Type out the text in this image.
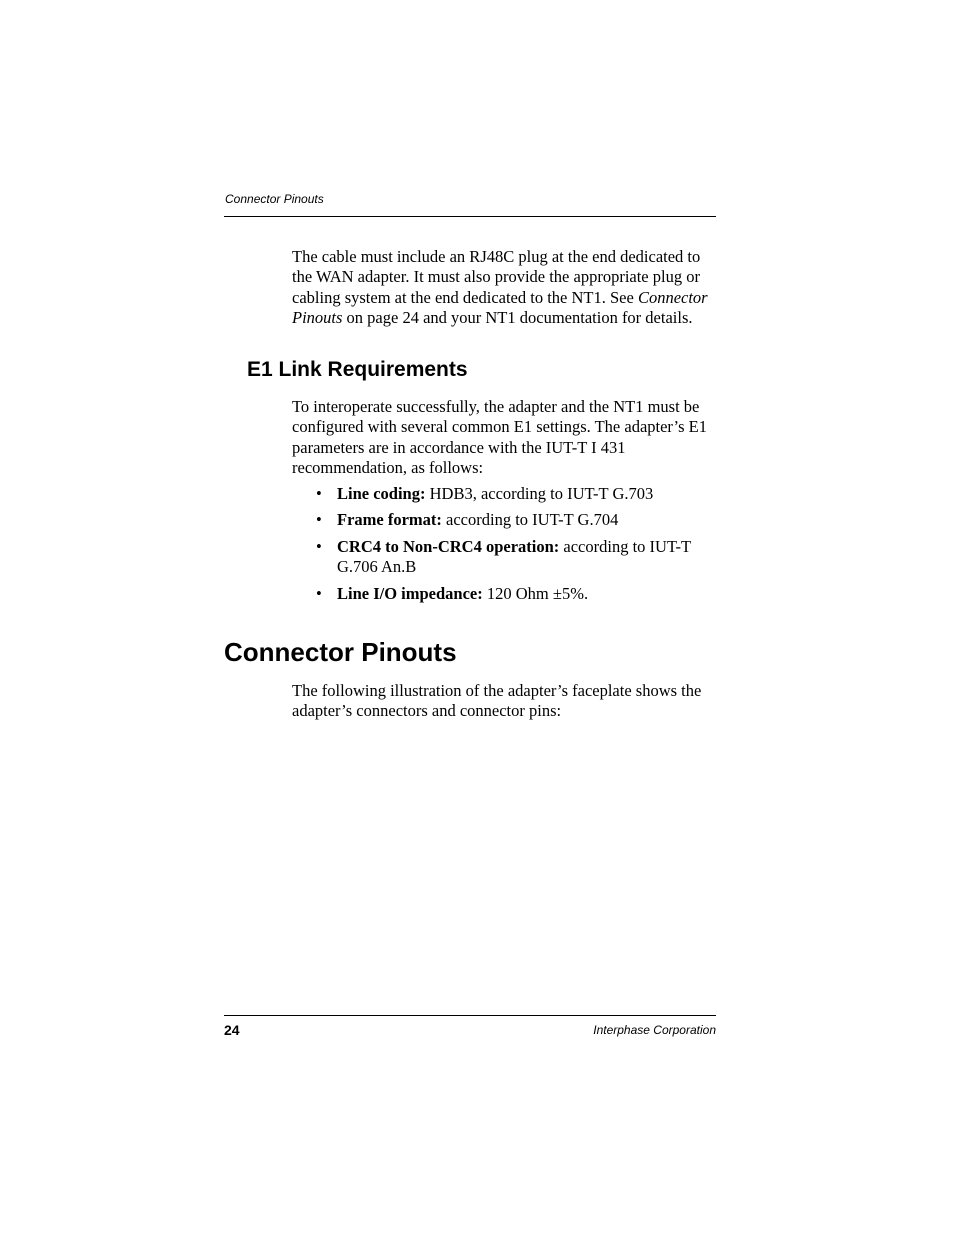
Connector Pinouts

The cable must include an RJ48C plug at the end dedicated to the WAN adapter. It must also provide the appropriate plug or cabling system at the end dedicated to the NT1. See Connector Pinouts on page 24 and your NT1 documentation for details.

E1 Link Requirements

To interoperate successfully, the adapter and the NT1 must be configured with several common E1 settings. The adapter’s E1 parameters are in accordance with the IUT-T I 431 recommendation, as follows:

• Line coding: HDB3, according to IUT-T G.703
• Frame format: according to IUT-T G.704
• CRC4 to Non-CRC4 operation: according to IUT-T G.706 An.B
• Line I/O impedance: 120 Ohm ±5%.
Connector Pinouts

The following illustration of the adapter’s faceplate shows the adapter’s connectors and connector pins:

24	Interphase Corporation
